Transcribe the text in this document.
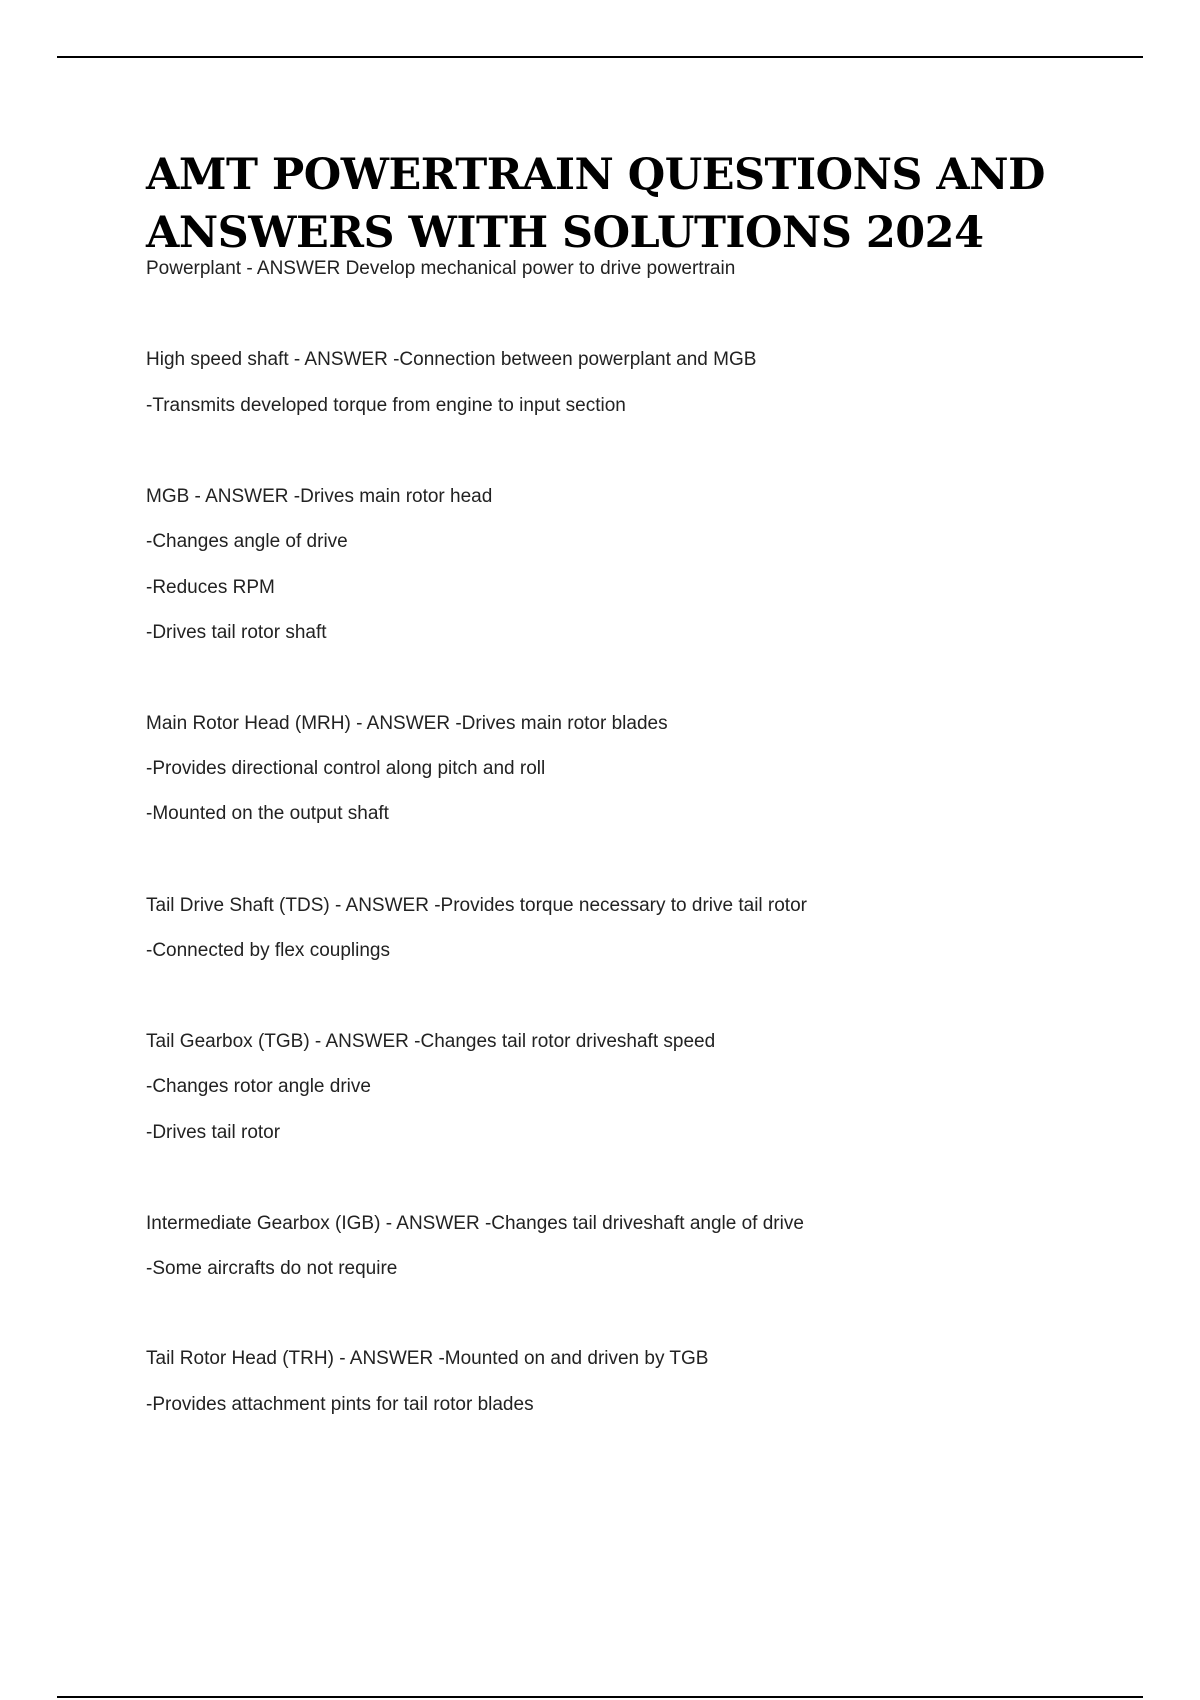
AMT POWERTRAIN QUESTIONS AND
ANSWERS WITH SOLUTIONS 2024

Powerplant - ANSWER Develop mechanical power to drive powertrain

High speed shaft - ANSWER -Connection between powerplant and MGB

-Transmits developed torque from engine to input section

MGB - ANSWER -Drives main rotor head

-Changes angle of drive

-Reduces RPM

-Drives tail rotor shaft

Main Rotor Head (MRH) - ANSWER -Drives main rotor blades

-Provides directional control along pitch and roll

-Mounted on the output shaft

Tail Drive Shaft (TDS) - ANSWER -Provides torque necessary to drive tail rotor

-Connected by flex couplings

Tail Gearbox (TGB) - ANSWER -Changes tail rotor driveshaft speed

-Changes rotor angle drive

-Drives tail rotor

Intermediate Gearbox (IGB) - ANSWER -Changes tail driveshaft angle of drive

-Some aircrafts do not require

Tail Rotor Head (TRH) - ANSWER -Mounted on and driven by TGB

-Provides attachment pints for tail rotor blades
